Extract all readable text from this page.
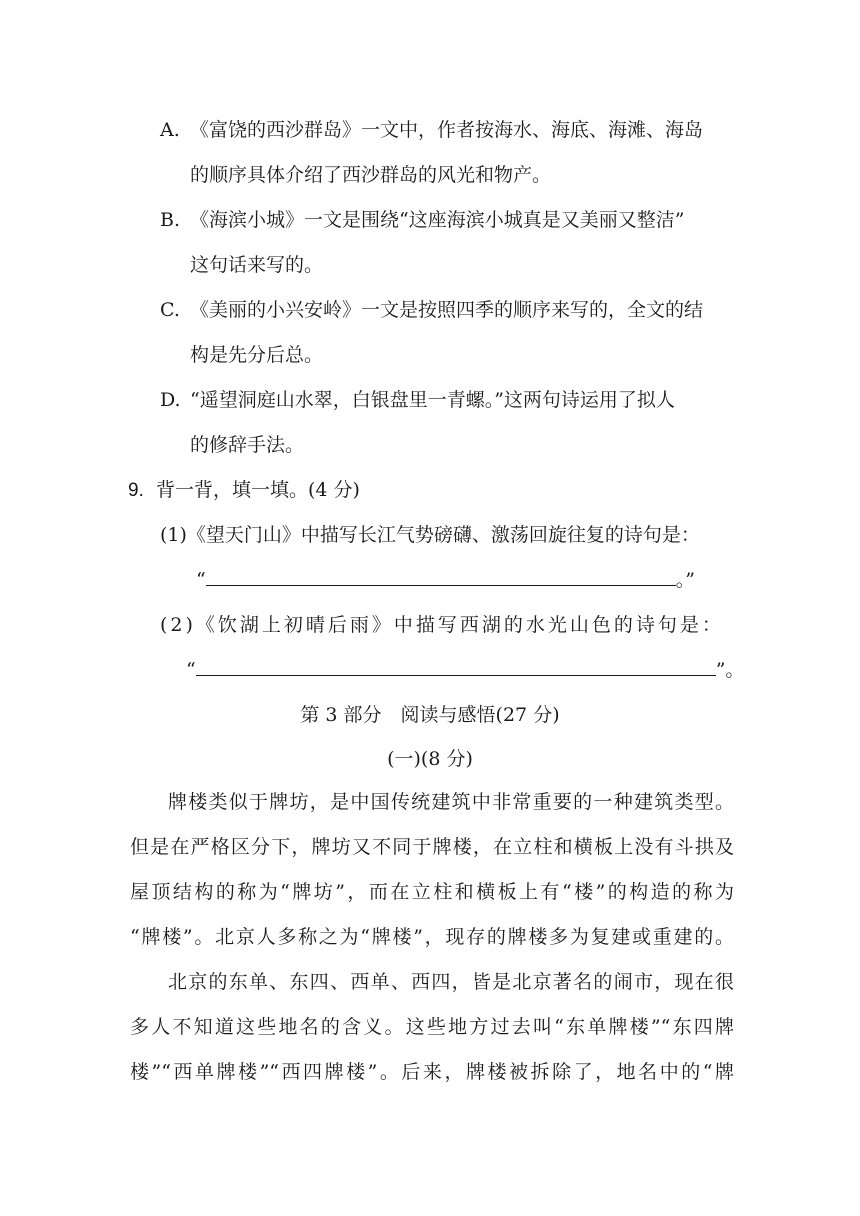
A. 《富饶的西沙群岛》一文中，作者按海水、海底、海滩、海岛
的顺序具体介绍了西沙群岛的风光和物产。
B. 《海滨小城》一文是围绕“这座海滨小城真是又美丽又整洁”
这句话来写的。
C. 《美丽的小兴安岭》一文是按照四季的顺序来写的，全文的结
构是先分后总。
D. “遥望洞庭山水翠，白银盘里一青螺。”这两句诗运用了拟人
的修辞手法。
9. 背一背，填一填。(4 分)
(1)《望天门山》中描写长江气势磅礴、激荡回旋往复的诗句是：
“	。”
(2)《饮湖上初晴后雨》中描写西湖的水光山色的诗句是：
“	”。
第 3 部分　阅读与感悟(27 分)
(一)(8 分)
牌楼类似于牌坊，是中国传统建筑中非常重要的一种建筑类型。
但是在严格区分下，牌坊又不同于牌楼，在立柱和横板上没有斗拱及
屋顶结构的称为“牌坊”，而在立柱和横板上有“楼”的构造的称为
“牌楼”。北京人多称之为“牌楼”，现存的牌楼多为复建或重建的。
北京的东单、东四、西单、西四，皆是北京著名的闹市，现在很
多人不知道这些地名的含义。这些地方过去叫“东单牌楼”“东四牌
楼”“西单牌楼”“西四牌楼”。后来，牌楼被拆除了，地名中的“牌
